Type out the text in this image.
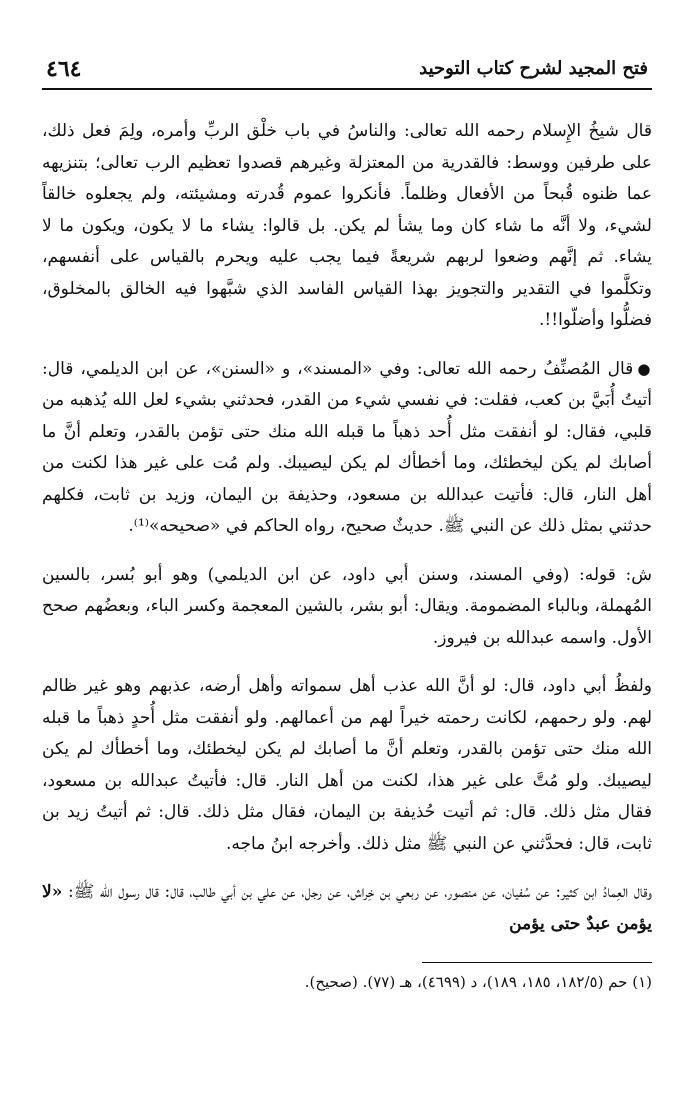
فتح المجيد لشرح كتاب التوحيد
٤٦٤

قال شيخُ الإِسلام رحمه الله تعالى: والناسُ في باب خلْق الربِّ وأمره، ولِمَ فعل ذلك، على طرفين ووسط: فالقدرية من المعتزلة وغيرهم قصدوا تعظيم الرب تعالى؛ بتنزيهه عما ظنوه قُبحاً من الأفعال وظلماً. فأنكروا عموم قُدرته ومشيئته، ولم يجعلوه خالقاً لشيء، ولا أنَّه ما شاء كان وما يشأ لم يكن. بل قالوا: يشاء ما لا يكون، ويكون ما لا يشاء. ثم إنَّهم وضعوا لربهم شريعةً فيما يجب عليه ويحرم بالقياس على أنفسهم، وتكلَّموا في التقدير والتجويز بهذا القياس الفاسد الذي شبَّهوا فيه الخالق بالمخلوق، فضلُّوا وأضلّوا!!.

●قال المُصنِّفُ رحمه الله تعالى: وفي «المسند»، و «السنن»، عن ابن الديلمي، قال: أتيتُ أُبَيَّ بن كعب، فقلت: في نفسي شيء من القدر، فحدثني بشيء لعل الله يُذهبه من قلبي، فقال: لو أنفقت مثل أُحد ذهباً ما قبله الله منك حتى تؤمن بالقدر، وتعلم أنَّ ما أصابك لم يكن ليخطئك، وما أخطأك لم يكن ليصيبك. ولم مُت على غير هذا لكنت من أهل النار، قال: فأتيت عبدالله بن مسعود، وحذيفة بن اليمان، وزيد بن ثابت، فكلهم حدثني بمثل ذلك عن النبي ﷺ. حديثٌ صحيح، رواه الحاكم في «صحيحه»⁽¹⁾.

ش: قوله: (وفي المسند، وسنن أبي داود، عن ابن الديلمي) وهو أبو بُسر، بالسين المُهملة، وبالباء المضمومة. ويقال: أبو بشر، بالشين المعجمة وكسر الباء، وبعضُهم صحح الأول. واسمه عبدالله بن فيروز.

ولفظُ أبي داود، قال: لو أنَّ الله عذب أهل سمواته وأهل أرضه، عذبهم وهو غير ظالم لهم. ولو رحمهم، لكانت رحمته خيراً لهم من أعمالهم. ولو أنفقت مثل أُحدٍ ذهباً ما قبله الله منك حتى تؤمن بالقدر، وتعلم أنَّ ما أصابك لم يكن ليخطئك، وما أخطأك لم يكن ليصيبك. ولو مُتَّ على غير هذا، لكنت من أهل النار. قال: فأتيتُ عبدالله بن مسعود، فقال مثل ذلك. قال: ثم أتيت حُذيفة بن اليمان، فقال مثل ذلك. قال: ثم أتيتُ زيد بن ثابت، قال: فحدَّثني عن النبي ﷺ مثل ذلك. وأخرجه ابنُ ماجه.

وقال العِمادُ ابن كثير: عن سُفيان، عن منصور، عن ربعي بن خِراش، عن رجل، عن علي بن أبي طالب، قال: قال رسول الله ﷺ: «لا يؤمن عبدٌ حتى يؤمن

(١) حم (١٨٢/٥، ١٨٥، ١٨٩)، د (٤٦٩٩)، هـ (٧٧). (صحيح).
